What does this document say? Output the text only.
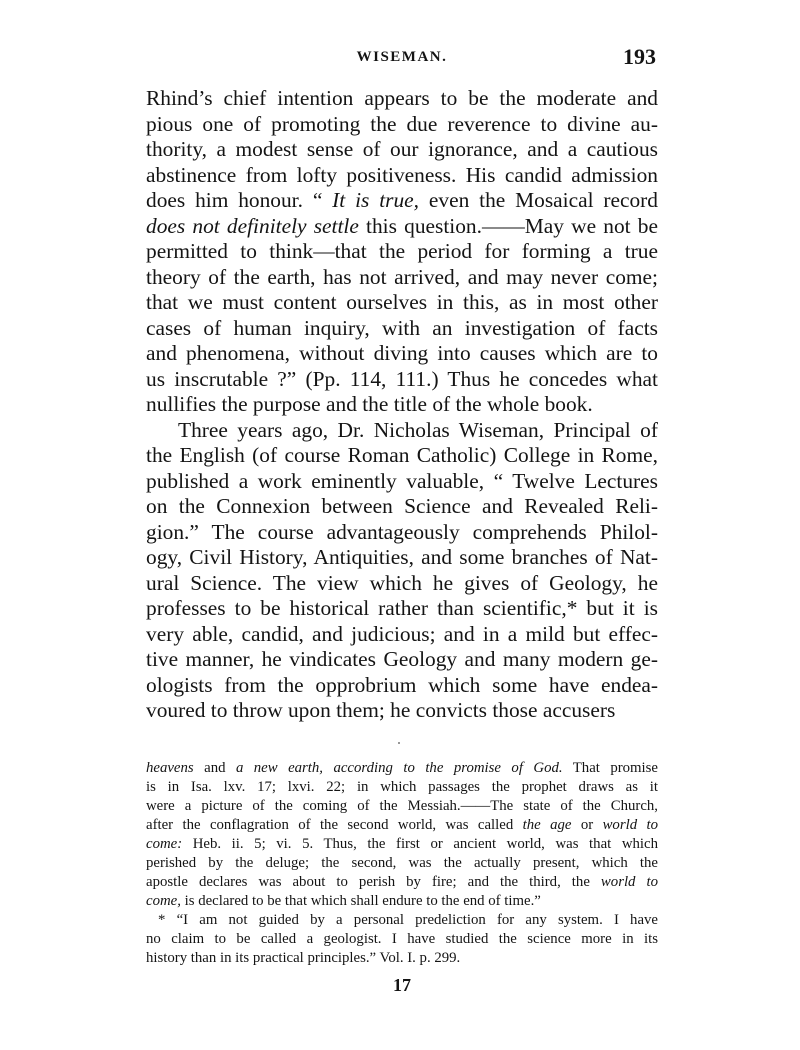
WISEMAN.	193
Rhind’s chief intention appears to be the moderate and
pious one of promoting the due reverence to divine au-
thority, a modest sense of our ignorance, and a cautious
abstinence from lofty positiveness. His candid admission
does him honour. “ It is true, even the Mosaical record
does not definitely settle this question.——May we not be
permitted to think—that the period for forming a true
theory of the earth, has not arrived, and may never come;
that we must content ourselves in this, as in most other
cases of human inquiry, with an investigation of facts
and phenomena, without diving into causes which are to
us inscrutable ?” (Pp. 114, 111.) Thus he concedes what
nullifies the purpose and the title of the whole book.
Three years ago, Dr. Nicholas Wiseman, Principal of
the English (of course Roman Catholic) College in Rome,
published a work eminently valuable, “ Twelve Lectures
on the Connexion between Science and Revealed Reli-
gion.” The course advantageously comprehends Philol-
ogy, Civil History, Antiquities, and some branches of Nat-
ural Science. The view which he gives of Geology, he
professes to be historical rather than scientific,* but it is
very able, candid, and judicious; and in a mild but effec-
tive manner, he vindicates Geology and many modern ge-
ologists from the opprobrium which some have endea-
voured to throw upon them; he convicts those accusers
heavens and a new earth, according to the promise of God. That promise
is in Isa. lxv. 17; lxvi. 22; in which passages the prophet draws as it
were a picture of the coming of the Messiah.——The state of the Church,
after the conflagration of the second world, was called the age or world to
come: Heb. ii. 5; vi. 5. Thus, the first or ancient world, was that which
perished by the deluge; the second, was the actually present, which the
apostle declares was about to perish by fire; and the third, the world to
come, is declared to be that which shall endure to the end of time.”
* “I am not guided by a personal predeliction for any system. I have
no claim to be called a geologist. I have studied the science more in its
history than in its practical principles.” Vol. I. p. 299.
17
